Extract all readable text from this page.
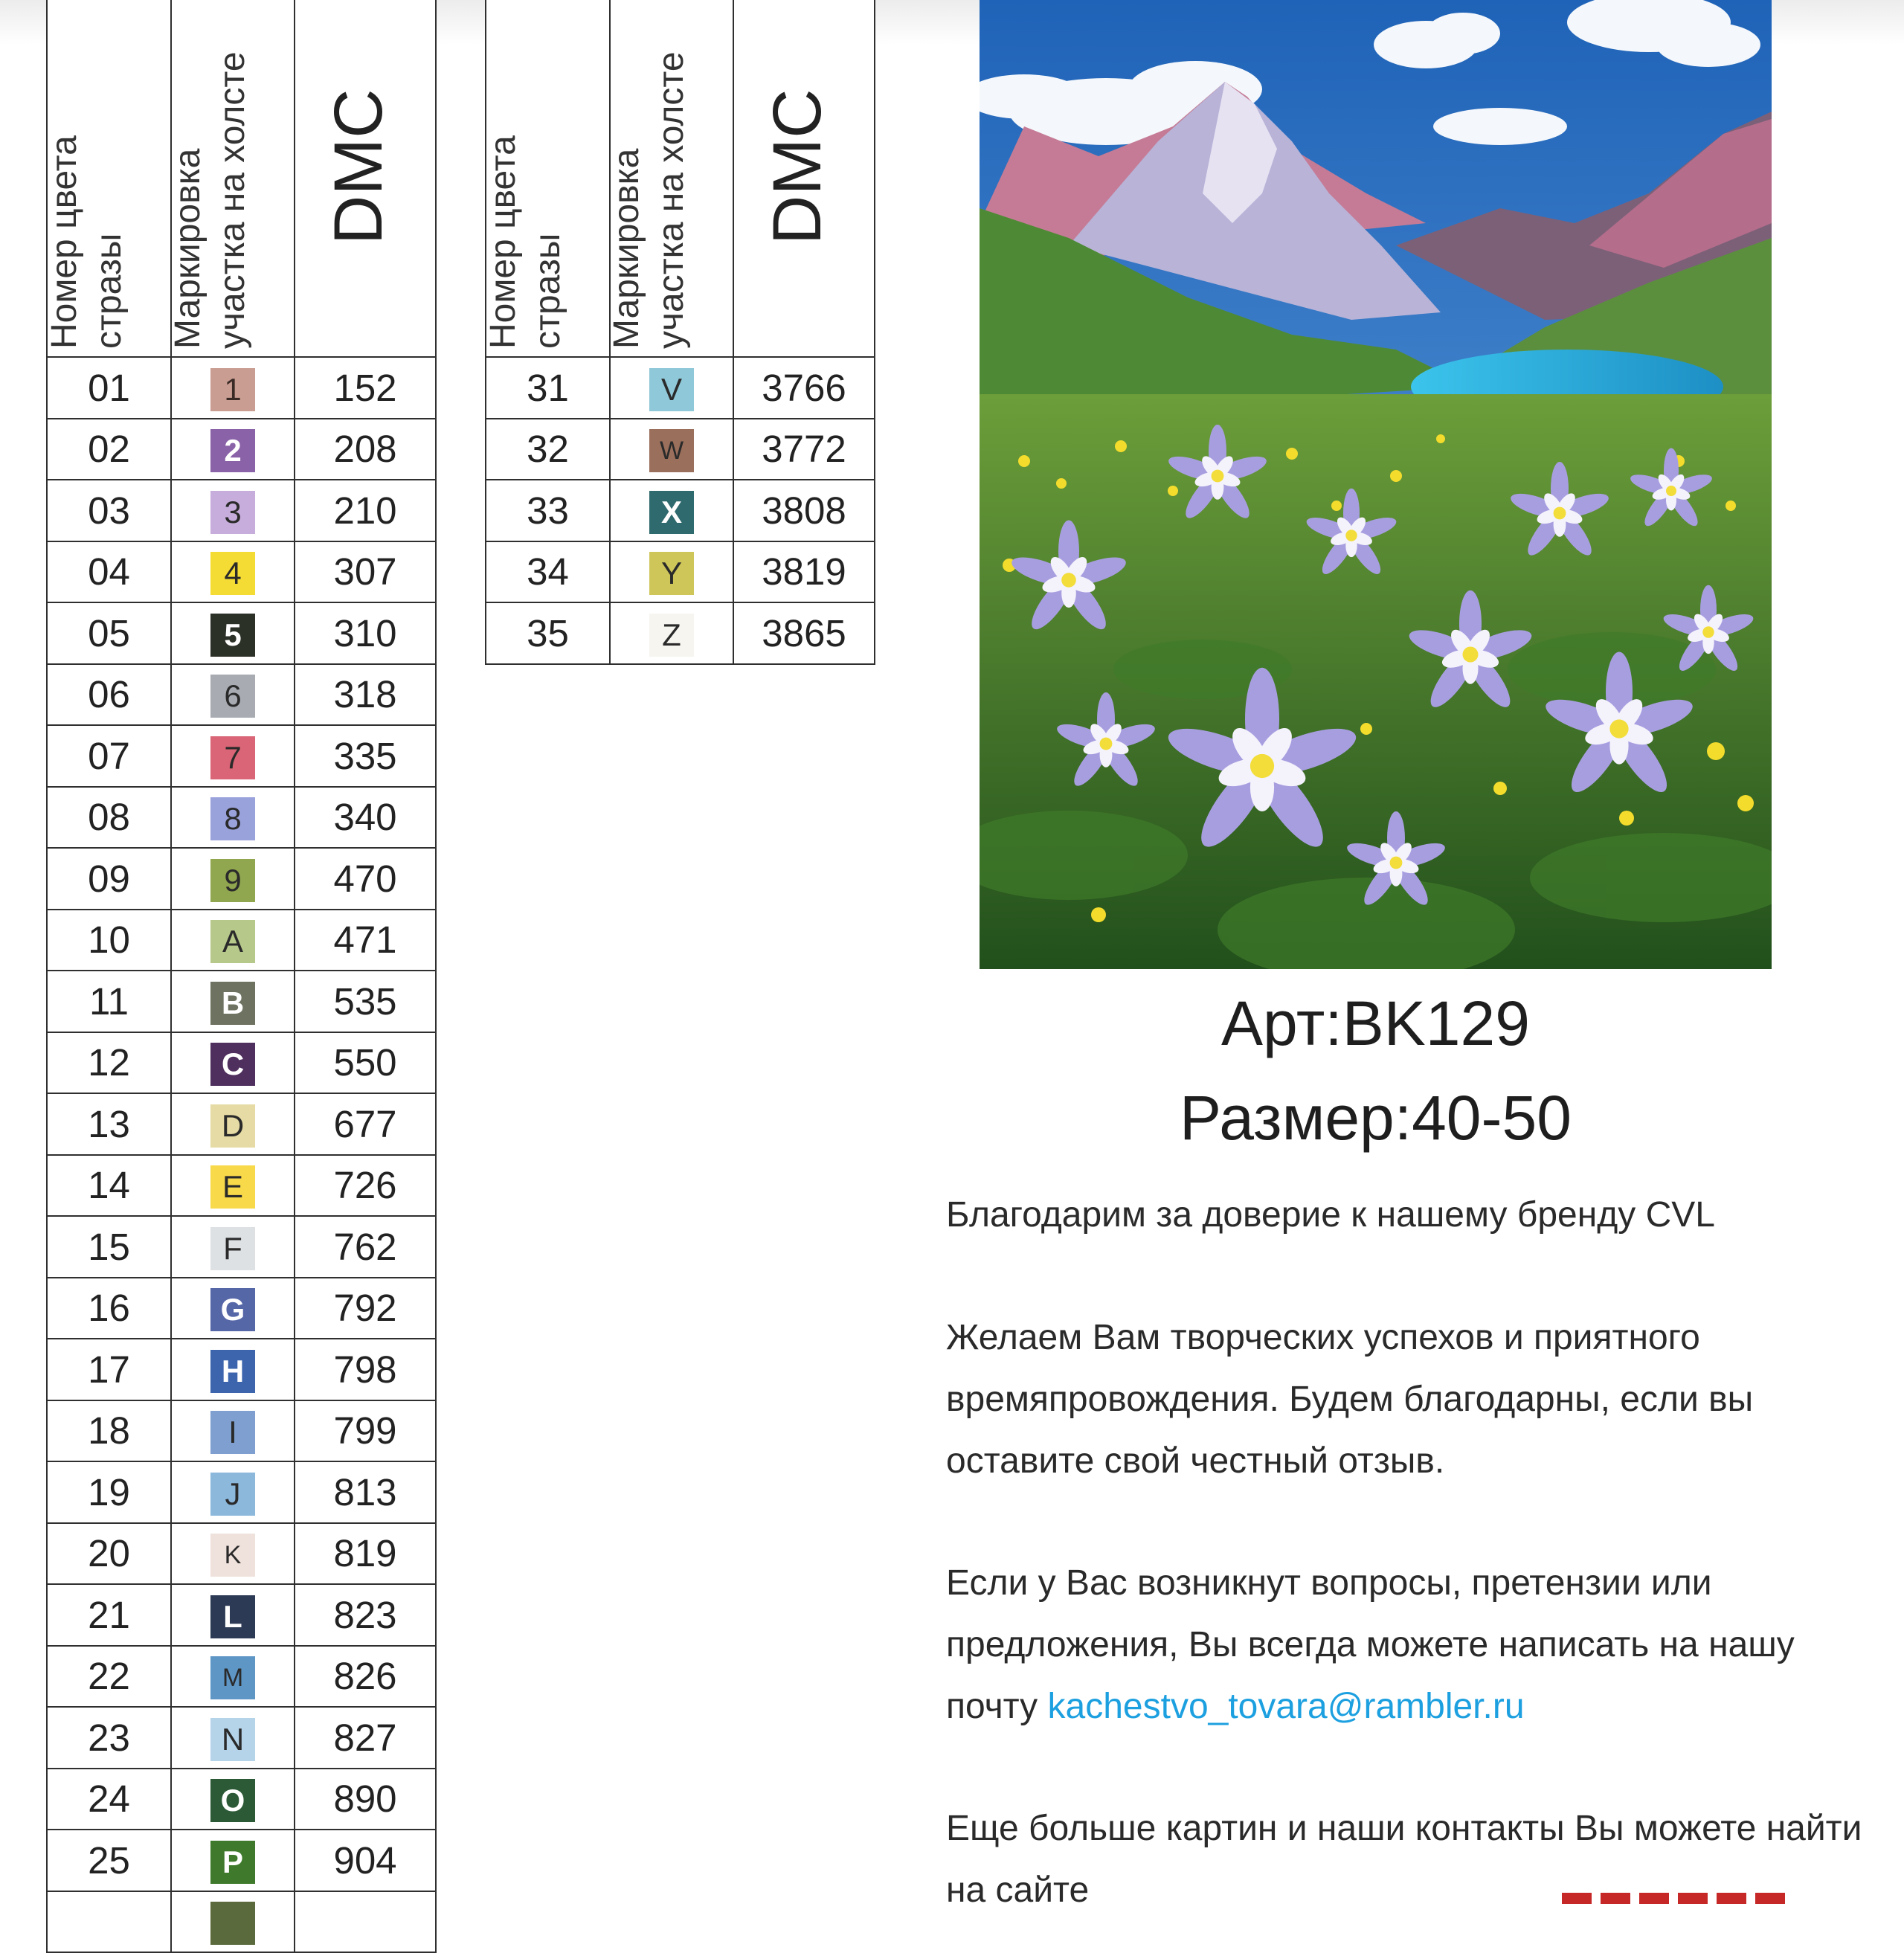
Номер цвета стразы	Маркировка участка на холсте	DMC

01	1	152
02	2	208
03	3	210
04	4	307
05	5	310
06	6	318
07	7	335
08	8	340
09	9	470
10	A	471
11	B	535
12	C	550
13	D	677
14	E	726
15	F	762
16	G	792
17	H	798
18	I	799
19	J	813
20	K	819
21	L	823
22	M	826
23	N	827
24	O	890
25	P	904

Номер цвета стразы	Маркировка участка на холсте	DMC

31	V	3766
32	W	3772
33	X	3808
34	Y	3819
35	Z	3865
Арт:BK129
Размер:40-50

Благодарим за доверие к нашему бренду CVL

Желаем Вам творческих успехов и приятного времяпровождения. Будем благодарны, если вы оставите свой честный отзыв.

Если у Вас возникнут вопросы, претензии или предложения, Вы всегда можете написать на нашу почту kachestvo_tovara@rambler.ru

Еще больше картин и наши контакты Вы можете найти на сайте
